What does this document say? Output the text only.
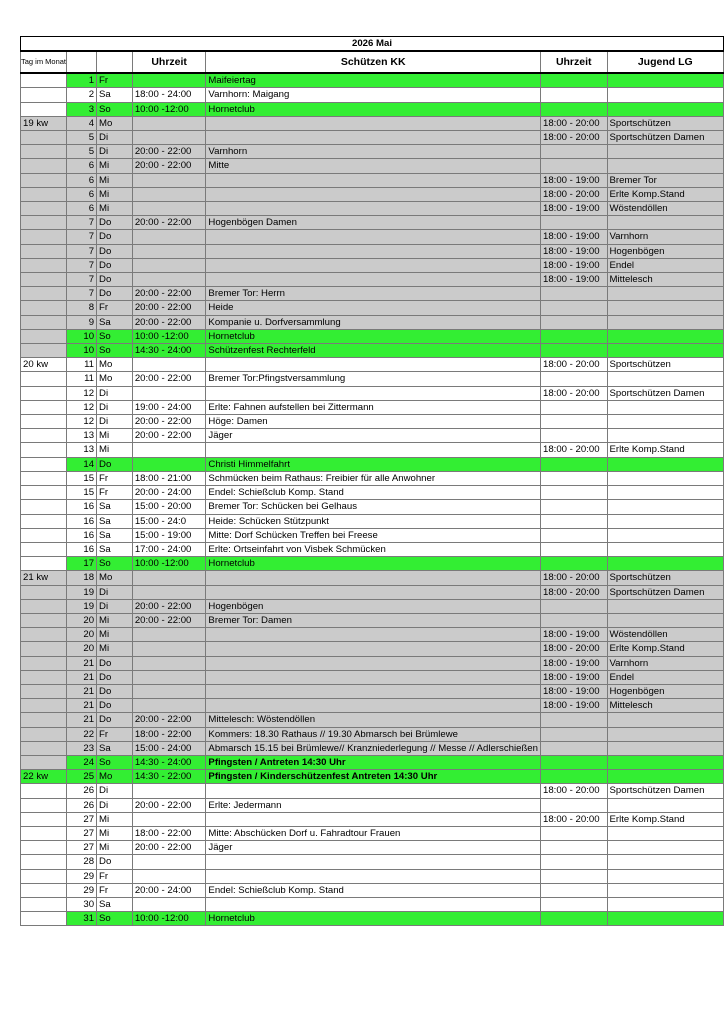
2026 Mai						
Tag im Monat			Uhrzeit	Schützen KK	Uhrzeit	Jugend LG
	1	Fr		Maifeiertag		
	2	Sa	18:00 - 24:00	Varnhorn: Maigang		
	3	So	10:00 -12:00	Hornetclub		
19 kw	4	Mo			18:00 - 20:00	Sportschützen
	5	Di			18:00 - 20:00	Sportschützen Damen
	5	Di	20:00 - 22:00	Varnhorn		
	6	Mi	20:00 - 22:00	Mitte		
	6	Mi			18:00 - 19:00	Bremer Tor
	6	Mi			18:00 - 20:00	Erlte Komp.Stand
	6	Mi			18:00 - 19:00	Wöstendöllen
	7	Do	20:00 - 22:00	Hogenbögen Damen		
	7	Do			18:00 - 19:00	Varnhorn
	7	Do			18:00 - 19:00	Hogenbögen
	7	Do			18:00 - 19:00	Endel
	7	Do			18:00 - 19:00	Mittelesch
	7	Do	20:00 - 22:00	Bremer Tor: Herrn		
	8	Fr	20:00 - 22:00	Heide		
	9	Sa	20:00 - 22:00	Kompanie u. Dorfversammlung		
	10	So	10:00 -12:00	Hornetclub		
	10	So	14:30 - 24:00	Schützenfest Rechterfeld		
20 kw	11	Mo			18:00 - 20:00	Sportschützen
	11	Mo	20:00 - 22:00	Bremer Tor:Pfingstversammlung		
	12	Di			18:00 - 20:00	Sportschützen Damen
	12	Di	19:00 - 24:00	Erlte: Fahnen aufstellen bei Zittermann		
	12	Di	20:00 - 22:00	Höge: Damen		
	13	Mi	20:00 - 22:00	Jäger		
	13	Mi			18:00 - 20:00	Erlte Komp.Stand
	14	Do		Christi Himmelfahrt		
	15	Fr	18:00 - 21:00	Schmücken beim Rathaus: Freibier für alle Anwohner		
	15	Fr	20:00 - 24:00	Endel: Schießclub Komp. Stand		
	16	Sa	15:00 - 20:00	Bremer Tor: Schücken bei Gelhaus		
	16	Sa	15:00 - 24:0	Heide: Schücken Stützpunkt		
	16	Sa	15:00 - 19:00	Mitte: Dorf Schücken Treffen bei Freese		
	16	Sa	17:00 - 24:00	Erlte: Ortseinfahrt von Visbek Schmücken		
	17	So	10:00 -12:00	Hornetclub		
21 kw	18	Mo			18:00 - 20:00	Sportschützen
	19	Di			18:00 - 20:00	Sportschützen Damen
	19	Di	20:00 - 22:00	Hogenbögen		
	20	Mi	20:00 - 22:00	Bremer Tor: Damen		
	20	Mi			18:00 - 19:00	Wöstendöllen
	20	Mi			18:00 - 20:00	Erlte Komp.Stand
	21	Do			18:00 - 19:00	Varnhorn
	21	Do			18:00 - 19:00	Endel
	21	Do			18:00 - 19:00	Hogenbögen
	21	Do			18:00 - 19:00	Mittelesch
	21	Do	20:00 - 22:00	Mittelesch: Wöstendöllen		
	22	Fr	18:00 - 22:00	Kommers: 18.30 Rathaus // 19.30 Abmarsch bei Brümlewe		
	23	Sa	15:00 - 24:00	Abmarsch 15.15 bei Brümlewe// Kranzniederlegung // Messe // Adlerschießen		
	24	So	14:30 - 24:00	Pfingsten / Antreten 14:30 Uhr		
22 kw	25	Mo	14:30 - 22:00	Pfingsten / Kinderschützenfest Antreten 14:30 Uhr		
	26	Di			18:00 - 20:00	Sportschützen Damen
	26	Di	20:00 - 22:00	Erlte: Jedermann		
	27	Mi			18:00 - 20:00	Erlte Komp.Stand
	27	Mi	18:00 - 22:00	Mitte: Abschücken Dorf u. Fahradtour Frauen		
	27	Mi	20:00 - 22:00	Jäger		
	28	Do				
	29	Fr				
	29	Fr	20:00 - 24:00	Endel: Schießclub Komp. Stand		
	30	Sa				
	31	So	10:00 -12:00	Hornetclub		
